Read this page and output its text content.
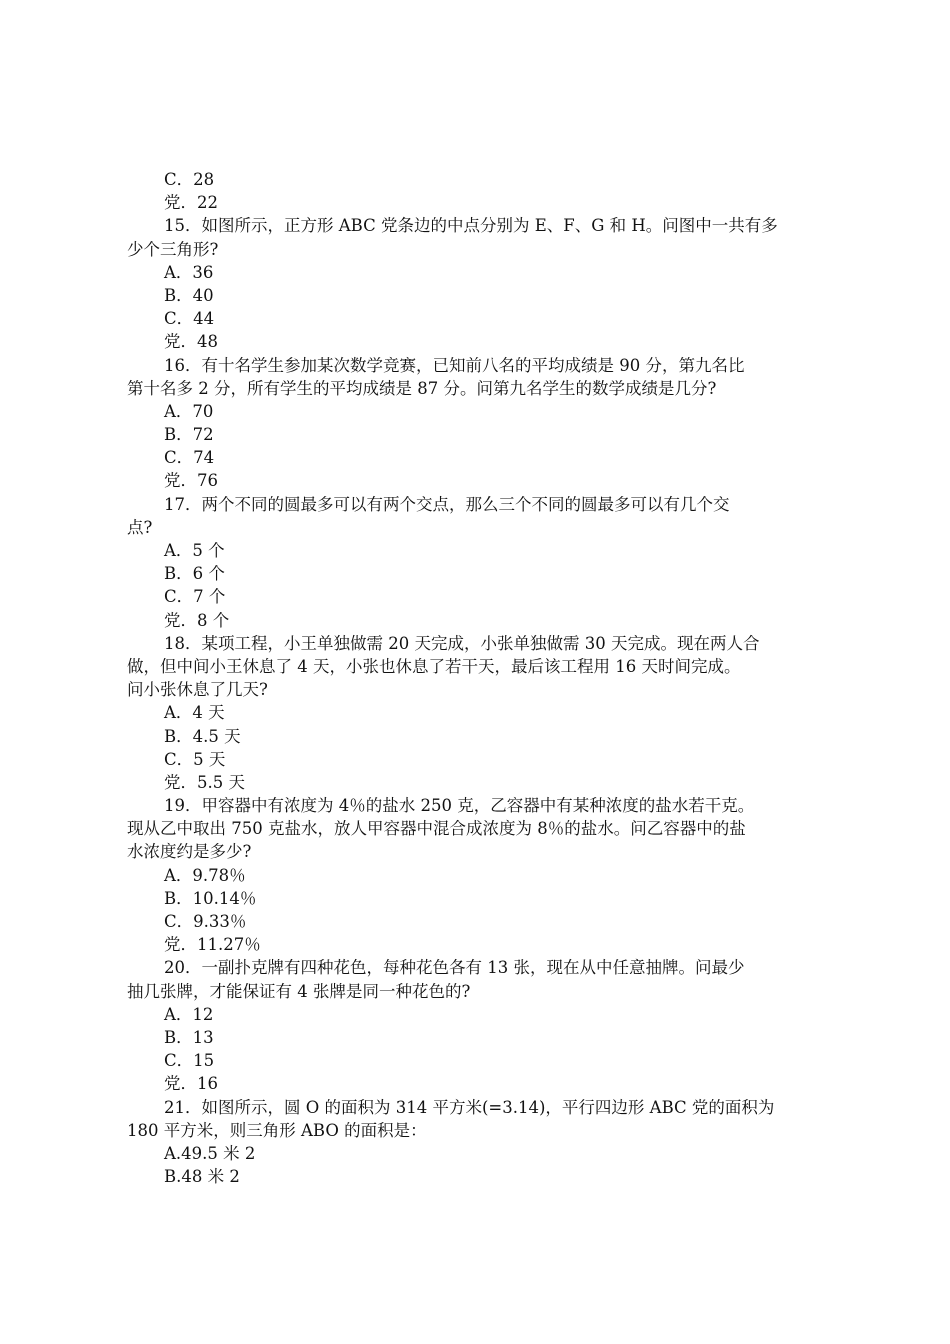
C．28
党．22
15．如图所示，正方形 ABC 党条边的中点分别为 E、F、G 和 H。问图中一共有多
少个三角形?
A．36
B．40
C．44
党．48
16．有十名学生参加某次数学竞赛，已知前八名的平均成绩是 90 分，第九名比
第十名多 2 分，所有学生的平均成绩是 87 分。问第九名学生的数学成绩是几分?
A．70
B．72
C．74
党．76
17．两个不同的圆最多可以有两个交点，那么三个不同的圆最多可以有几个交
点?
A．5 个
B．6 个
C．7 个
党．8 个
18．某项工程，小王单独做需 20 天完成，小张单独做需 30 天完成。现在两人合
做，但中间小王休息了 4 天，小张也休息了若干天，最后该工程用 16 天时间完成。
问小张休息了几天?
A．4 天
B．4.5 天
C．5 天
党．5.5 天
19．甲容器中有浓度为 4％的盐水 250 克，乙容器中有某种浓度的盐水若干克。
现从乙中取出 750 克盐水，放人甲容器中混合成浓度为 8％的盐水。问乙容器中的盐
水浓度约是多少?
A．9.78％
B．10.14％
C．9.33％
党．11.27％
20．一副扑克牌有四种花色，每种花色各有 13 张，现在从中任意抽牌。问最少
抽几张牌，才能保证有 4 张牌是同一种花色的?
A．12
B．13
C．15
党．16
21．如图所示，圆 O 的面积为 314 平方米(=3.14)，平行四边形 ABC 党的面积为
180 平方米，则三角形 ABO 的面积是：
A.49.5 米 2
B.48 米 2
